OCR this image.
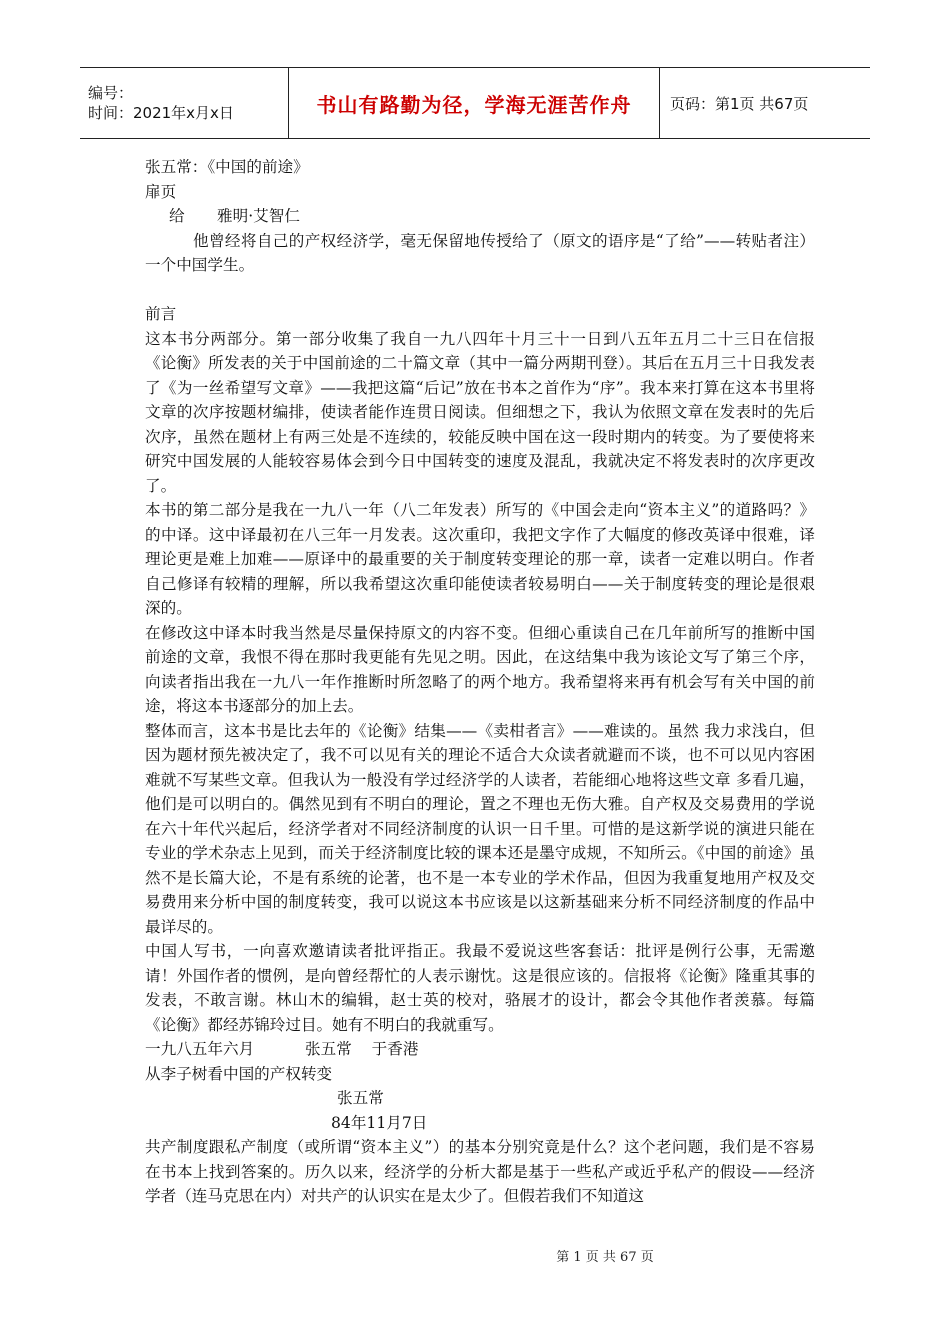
编号：
时间：2021年x月x日	书山有路勤为径，学海无涯苦作舟	页码：第1页 共67页

张五常：《中国的前途》

扉页

给 雅明·艾智仁

他曾经将自己的产权经济学，毫无保留地传授给了（原文的语序是“了给”——转贴者注）一个中国学生。

前言

这本书分两部分。第一部分收集了我自一九八四年十月三十一日到八五年五月二十三日在信报《论衡》所发表的关于中国前途的二十篇文章（其中一篇分两期刊登）。其后在五月三十日我发表了《为一丝希望写文章》——我把这篇“后记”放在书本之首作为“序”。我本来打算在这本书里将文章的次序按题材编排，使读者能作连贯日阅读。但细想之下，我认为依照文章在发表时的先后次序，虽然在题材上有两三处是不连续的，较能反映中国在这一段时期内的转变。为了要使将来研究中国发展的人能较容易体会到今日中国转变的速度及混乱，我就决定不将发表时的次序更改了。

本书的第二部分是我在一九八一年（八二年发表）所写的《中国会走向“资本主义”的道路吗？》的中译。这中译最初在八三年一月发表。这次重印，我把文字作了大幅度的修改英译中很难，译理论更是难上加难——原译中的最重要的关于制度转变理论的那一章，读者一定难以明白。作者自己修译有较精的理解，所以我希望这次重印能使读者较易明白——关于制度转变的理论是很艰深的。

在修改这中译本时我当然是尽量保持原文的内容不变。但细心重读自己在几年前所写的推断中国前途的文章，我恨不得在那时我更能有先见之明。因此，在这结集中我为该论文写了第三个序，向读者指出我在一九八一年作推断时所忽略了的两个地方。我希望将来再有机会写有关中国的前途，将这本书逐部分的加上去。

整体而言，这本书是比去年的《论衡》结集——《卖柑者言》——难读的。虽然 我力求浅白，但因为题材预先被决定了，我不可以见有关的理论不适合大众读者就避而不谈，也不可以见内容困难就不写某些文章。但我认为一般没有学过经济学的人读者，若能细心地将这些文章 多看几遍，他们是可以明白的。偶然见到有不明白的理论，置之不理也无伤大雅。自产权及交易费用的学说在六十年代兴起后，经济学者对不同经济制度的认识一日千里。可惜的是这新学说的演进只能在专业的学术杂志上见到，而关于经济制度比较的课本还是墨守成规，不知所云。《中国的前途》虽然不是长篇大论，不是有系统的论著，也不是一本专业的学术作品，但因为我重复地用产权及交易费用来分析中国的制度转变，我可以说这本书应该是以这新基础来分析不同经济制度的作品中最详尽的。

中国人写书，一向喜欢邀请读者批评指正。我最不爱说这些客套话：批评是例行公事，无需邀请！外国作者的惯例，是向曾经帮忙的人表示谢忱。这是很应该的。信报将《论衡》隆重其事的发表，不敢言谢。林山木的编辑，赵士英的校对，骆展才的设计，都会令其他作者羡慕。每篇《论衡》都经苏锦玲过目。她有不明白的我就重写。

一九八五年六月	张五常 于香港

从李子树看中国的产权转变

张五常

84年11月7日

共产制度跟私产制度（或所谓“资本主义”）的基本分别究竟是什么？这个老问题，我们是不容易在书本上找到答案的。历久以来，经济学的分析大都是基于一些私产或近乎私产的假设——经济学者（连马克思在内）对共产的认识实在是太少了。但假若我们不知道这

第 1 页 共 67 页
